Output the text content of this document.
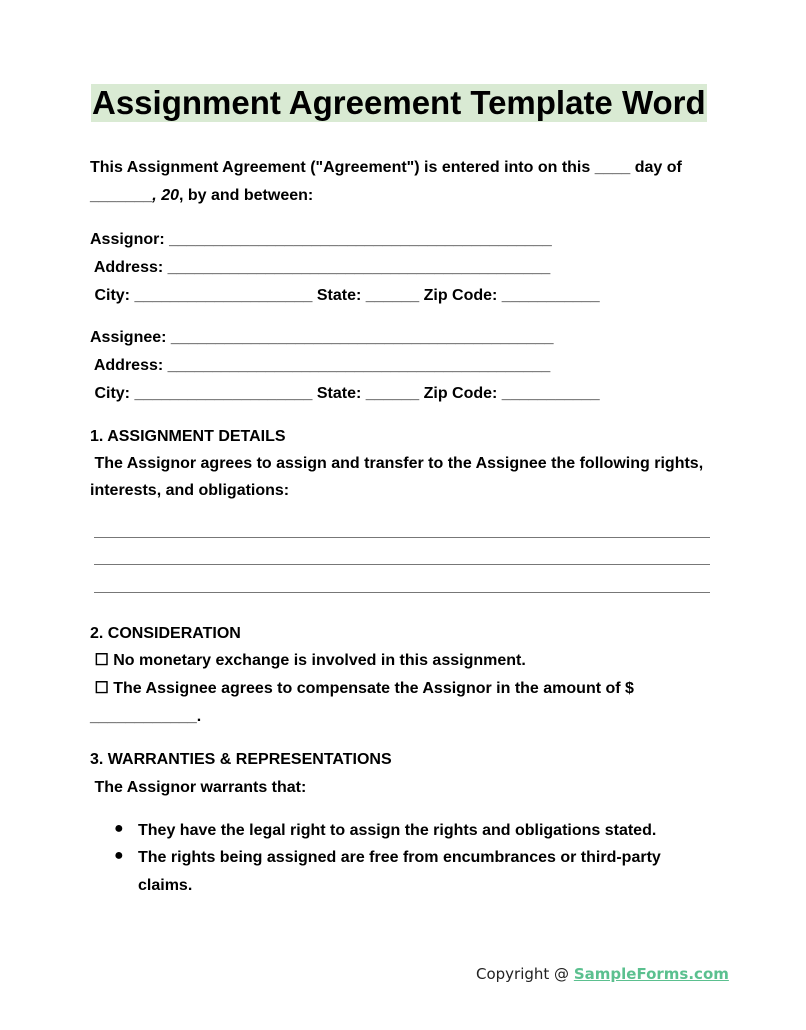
Assignment Agreement Template Word
This Assignment Agreement ("Agreement") is entered into on this ____ day of
_______, 20, by and between:
Assignor: ___________________________________________
Address: ___________________________________________
City: ____________________ State: ______ Zip Code: ___________
Assignee: ___________________________________________
Address: ___________________________________________
City: ____________________ State: ______ Zip Code: ___________
1. ASSIGNMENT DETAILS
The Assignor agrees to assign and transfer to the Assignee the following rights,
interests, and obligations:
2. CONSIDERATION
☐ No monetary exchange is involved in this assignment.
☐ The Assignee agrees to compensate the Assignor in the amount of $
____________.
3. WARRANTIES & REPRESENTATIONS
The Assignor warrants that:
● They have the legal right to assign the rights and obligations stated.
● The rights being assigned are free from encumbrances or third-party
claims.
Copyright @ SampleForms.com
